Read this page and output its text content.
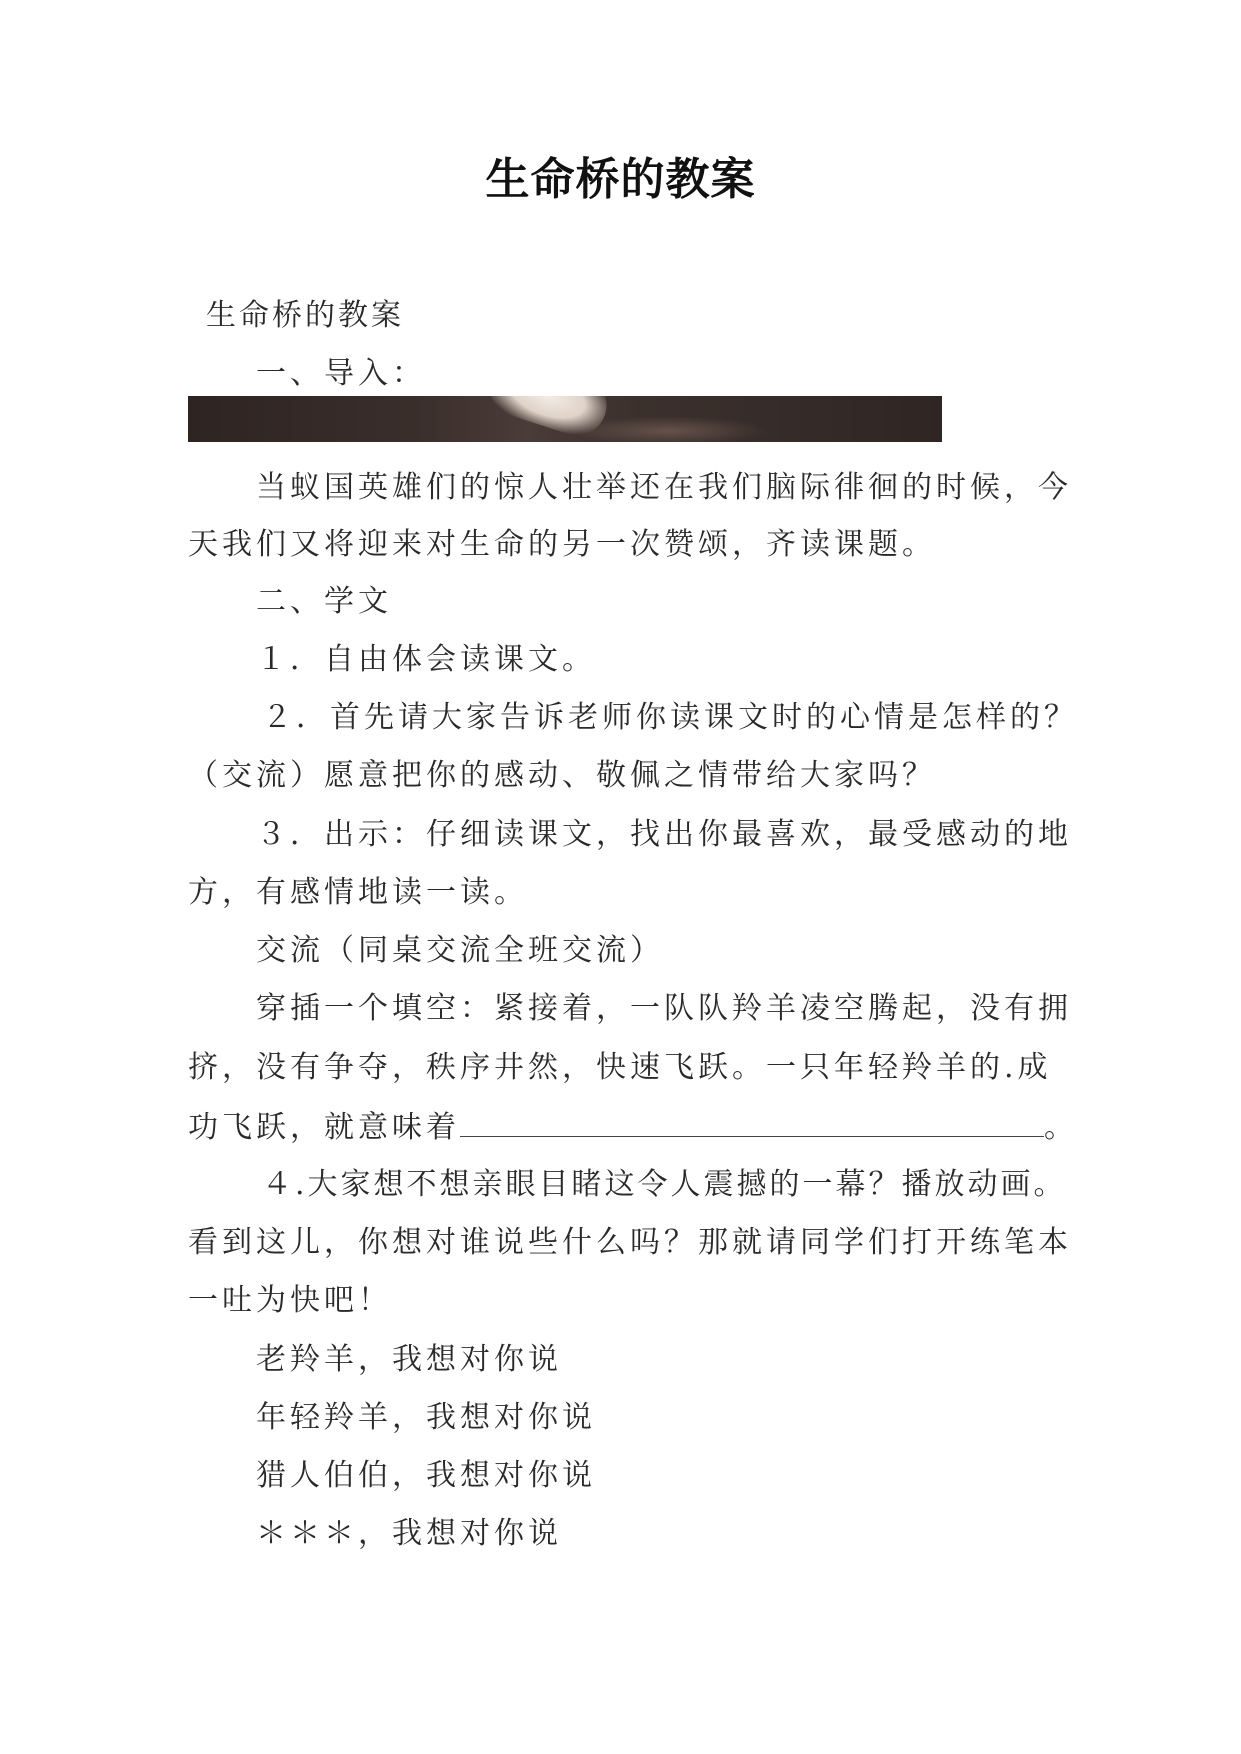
生命桥的教案
生命桥的教案
一、导入：
当蚁国英雄们的惊人壮举还在我们脑际徘徊的时候，今
天我们又将迎来对生命的另一次赞颂，齐读课题。
二、学文
１．自由体会读课文。
２．首先请大家告诉老师你读课文时的心情是怎样的？
（交流）愿意把你的感动、敬佩之情带给大家吗？
３．出示：仔细读课文，找出你最喜欢，最受感动的地
方，有感情地读一读。
交流（同桌交流全班交流）
穿插一个填空：紧接着，一队队羚羊凌空腾起，没有拥
挤，没有争夺，秩序井然，快速飞跃。一只年轻羚羊的.成
功飞跃，就意味着	。
４.大家想不想亲眼目睹这令人震撼的一幕？播放动画。
看到这儿，你想对谁说些什么吗？那就请同学们打开练笔本
一吐为快吧！
老羚羊，我想对你说
年轻羚羊，我想对你说
猎人伯伯，我想对你说
＊＊＊，我想对你说
